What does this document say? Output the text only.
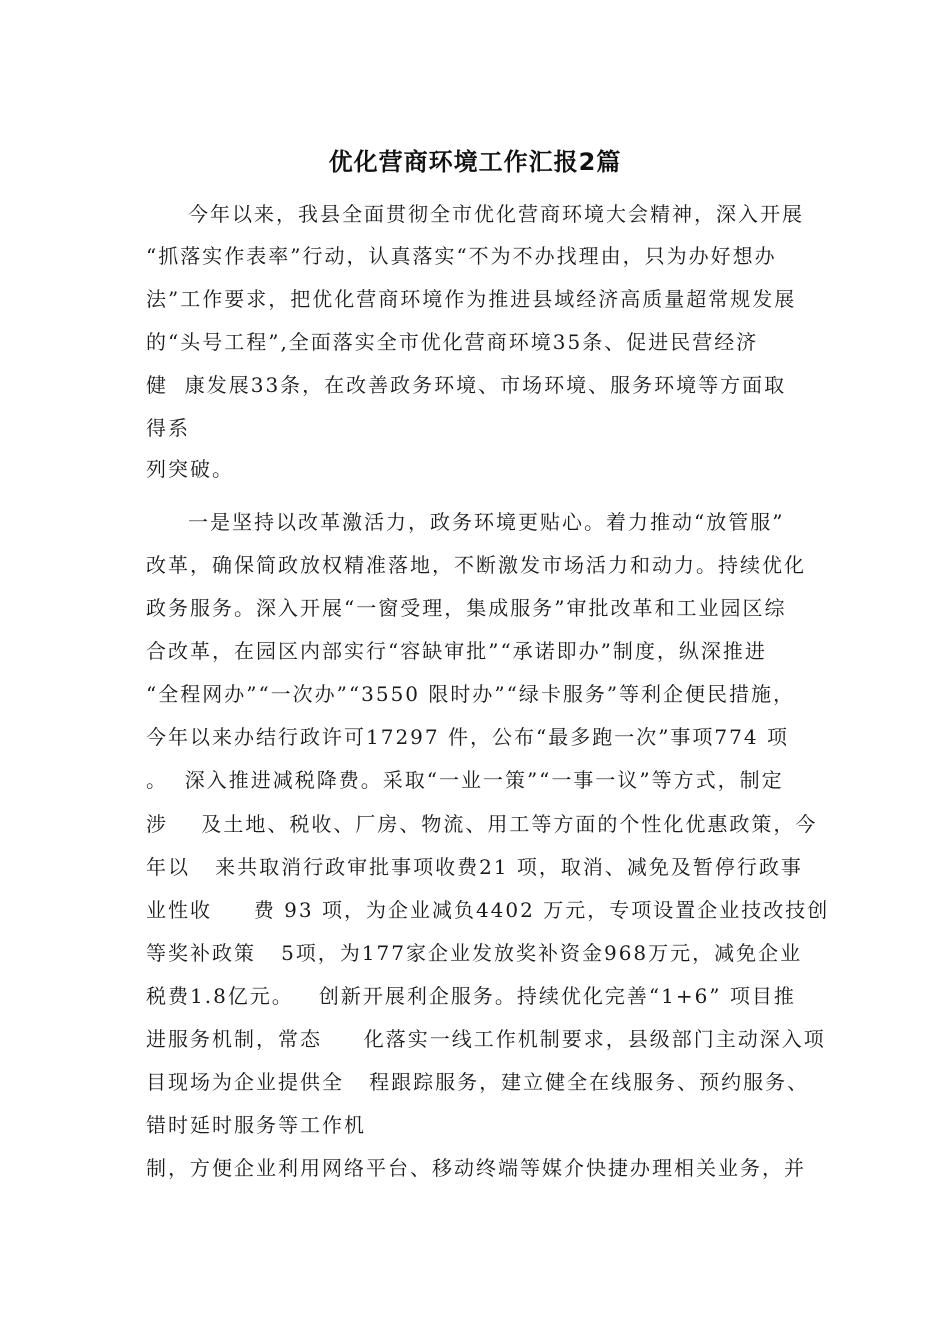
优化营商环境工作汇报2篇
今年以来，我县全面贯彻全市优化营商环境大会精神，深入开展
“抓落实作表率”行动，认真落实“不为不办找理由，只为办好想办
法”工作要求，把优化营商环境作为推进县域经济高质量超常规发展
的“头号工程”,全面落实全市优化营商环境35条、促进民营经济
健  康发展33条，在改善政务环境、市场环境、服务环境等方面取
得系
列突破。
一是坚持以改革激活力，政务环境更贴心。着力推动“放管服”
改革，确保简政放权精准落地，不断激发市场活力和动力。持续优化
政务服务。深入开展“一窗受理，集成服务”审批改革和工业园区综
合改革，在园区内部实行“容缺审批”“承诺即办”制度，纵深推进
“全程网办”“一次办”“3550 限时办”“绿卡服务”等利企便民措施，
今年以来办结行政许可17297 件，公布“最多跑一次”事项774 项
。  深入推进减税降费。采取“一业一策”“一事一议”等方式，制定
涉    及土地、税收、厂房、物流、用工等方面的个性化优惠政策，今
年以   来共取消行政审批事项收费21 项，取消、减免及暂停行政事
业性收     费 93 项，为企业减负4402 万元，专项设置企业技改技创
等奖补政策   5项，为177家企业发放奖补资金968万元，减免企业
税费1.8亿元。   创新开展利企服务。持续优化完善“1+6” 项目推
进服务机制，常态     化落实一线工作机制要求，县级部门主动深入项
目现场为企业提供全   程跟踪服务，建立健全在线服务、预约服务、
错时延时服务等工作机
制，方便企业利用网络平台、移动终端等媒介快捷办理相关业务，并
